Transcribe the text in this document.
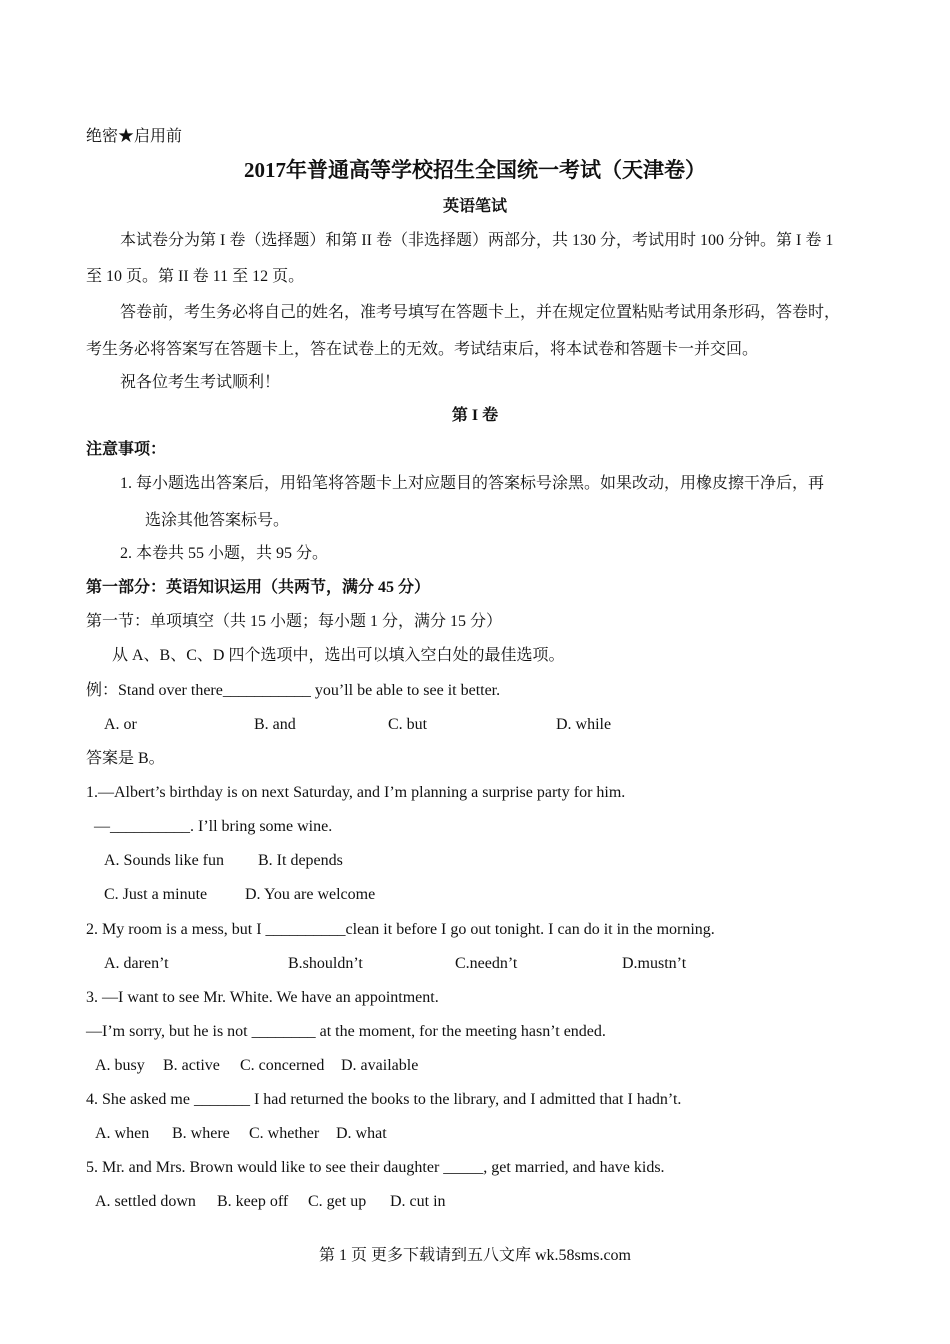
绝密★启用前
2017年普通高等学校招生全国统一考试（天津卷）
英语笔试
本试卷分为第 I 卷（选择题）和第 II 卷（非选择题）两部分，共 130 分，考试用时 100 分钟。第 I 卷 1
至 10 页。第 II 卷 11 至 12 页。
答卷前，考生务必将自己的姓名，准考号填写在答题卡上，并在规定位置粘贴考试用条形码，答卷时，
考生务必将答案写在答题卡上，答在试卷上的无效。考试结束后，将本试卷和答题卡一并交回。
祝各位考生考试顺利！
第 I 卷
注意事项：
1. 每小题选出答案后，用铅笔将答题卡上对应题目的答案标号涂黑。如果改动，用橡皮擦干净后，再
选涂其他答案标号。
2. 本卷共 55 小题，共 95 分。
第一部分：英语知识运用（共两节，满分 45 分）
第一节：单项填空（共 15 小题；每小题 1 分，满分 15 分）
从 A、B、C、D 四个选项中，选出可以填入空白处的最佳选项。
例：Stand over there___________ you’ll be able to see it better.
A. or	B. and	C. but	D. while
答案是 B。
1.—Albert’s birthday is on next Saturday, and I’m planning a surprise party for him.
—__________. I’ll bring some wine.
A. Sounds like fun B. It depends
C. Just a minute D. You are welcome
2. My room is a mess, but I __________clean it before I go out tonight. I can do it in the morning.
A. daren’t	B.shouldn’t	C.needn’t	D.mustn’t
3. —I want to see Mr. White. We have an appointment.
—I’m sorry, but he is not ________ at the moment, for the meeting hasn’t ended.
A. busy B. active C. concerned D. available
4. She asked me _______ I had returned the books to the library, and I admitted that I hadn’t.
A. when B. where C. whether D. what
5. Mr. and Mrs. Brown would like to see their daughter _____, get married, and have kids.
A. settled down B. keep off C. get up D. cut in
第 1 页 更多下载请到五八文库 wk.58sms.com
